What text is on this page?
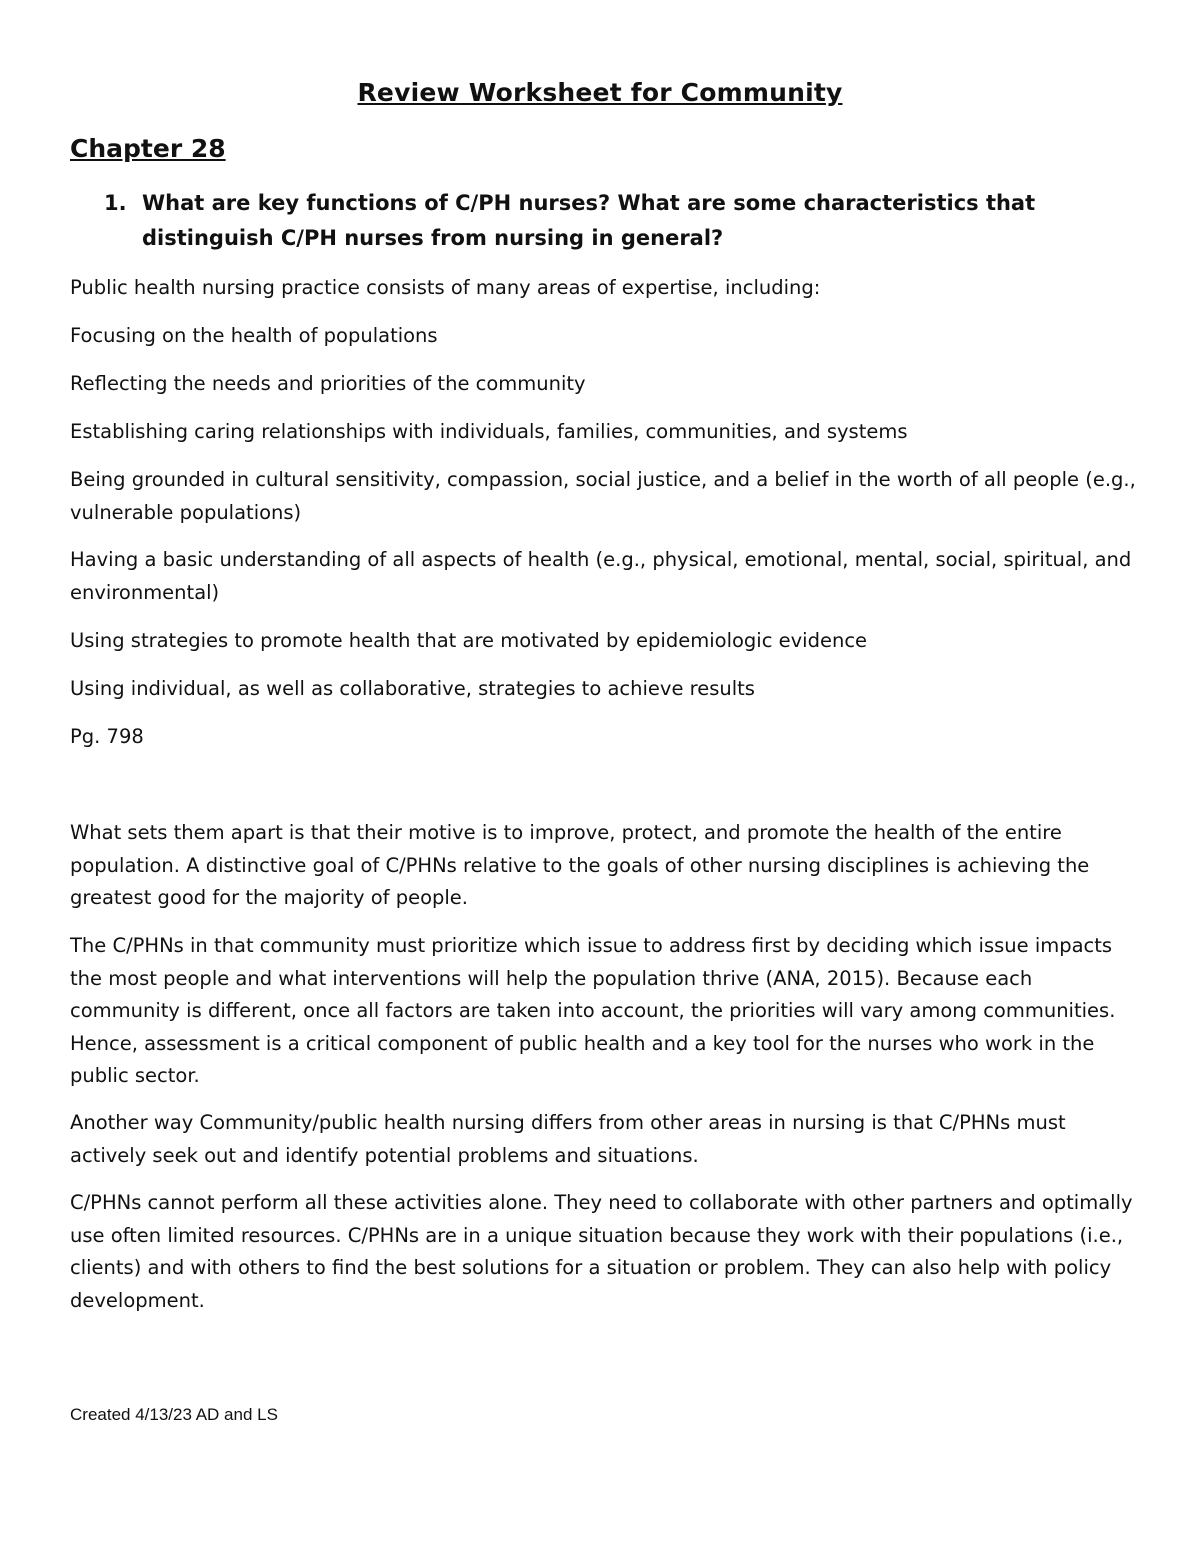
Review Worksheet for Community
Chapter 28
1. What are key functions of C/PH nurses? What are some characteristics that distinguish C/PH nurses from nursing in general?

Public health nursing practice consists of many areas of expertise, including:

Focusing on the health of populations

Reflecting the needs and priorities of the community

Establishing caring relationships with individuals, families, communities, and systems

Being grounded in cultural sensitivity, compassion, social justice, and a belief in the worth of all people (e.g., vulnerable populations)

Having a basic understanding of all aspects of health (e.g., physical, emotional, mental, social, spiritual, and environmental)

Using strategies to promote health that are motivated by epidemiologic evidence

Using individual, as well as collaborative, strategies to achieve results

Pg. 798

What sets them apart is that their motive is to improve, protect, and promote the health of the entire population. A distinctive goal of C/PHNs relative to the goals of other nursing disciplines is achieving the greatest good for the majority of people.

The C/PHNs in that community must prioritize which issue to address first by deciding which issue impacts the most people and what interventions will help the population thrive (ANA, 2015). Because each community is different, once all factors are taken into account, the priorities will vary among communities. Hence, assessment is a critical component of public health and a key tool for the nurses who work in the public sector.

Another way Community/public health nursing differs from other areas in nursing is that C/PHNs must actively seek out and identify potential problems and situations.

C/PHNs cannot perform all these activities alone. They need to collaborate with other partners and optimally use often limited resources. C/PHNs are in a unique situation because they work with their populations (i.e., clients) and with others to find the best solutions for a situation or problem. They can also help with policy development.

Created 4/13/23 AD and LS
